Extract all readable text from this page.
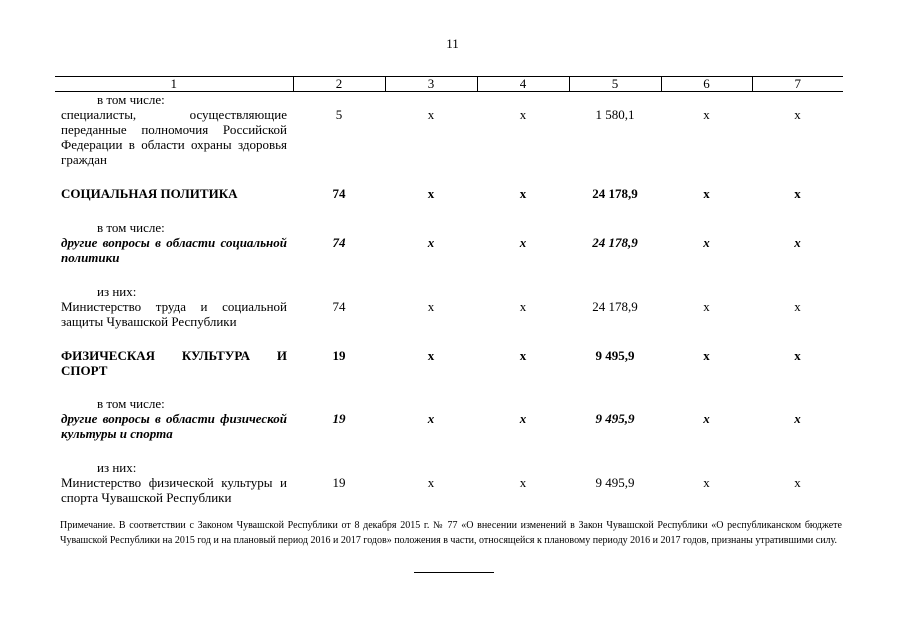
11
1	2	3	4	5	6	7

в том числе:
специалисты, осуществляющие переданные полномочия Российской Федерации в области охраны здоровья граждан	5	х	х	1 580,1	х	х

СОЦИАЛЬНАЯ ПОЛИТИКА	74	х	х	24 178,9	х	х

в том числе:
другие вопросы в области социальной политики	74	х	х	24 178,9	х	х

из них:
Министерство труда и социальной защиты Чувашской Республики	74	х	х	24 178,9	х	х

ФИЗИЧЕСКАЯ КУЛЬТУРА И СПОРТ	19	х	х	9 495,9	х	х

в том числе:
другие вопросы в области физической культуры и спорта	19	х	х	9 495,9	х	х

из них:
Министерство физической культуры и спорта Чувашской Республики	19	х	х	9 495,9	х	х
Примечание. В соответствии с Законом Чувашской Республики от 8 декабря 2015 г. № 77 «О внесении изменений в Закон Чувашской Республики «О республиканском бюджете Чувашской Республики на 2015 год и на плановый период 2016 и 2017 годов» положения в части, относящейся к плановому периоду 2016 и 2017 годов, признаны утратившими силу.
